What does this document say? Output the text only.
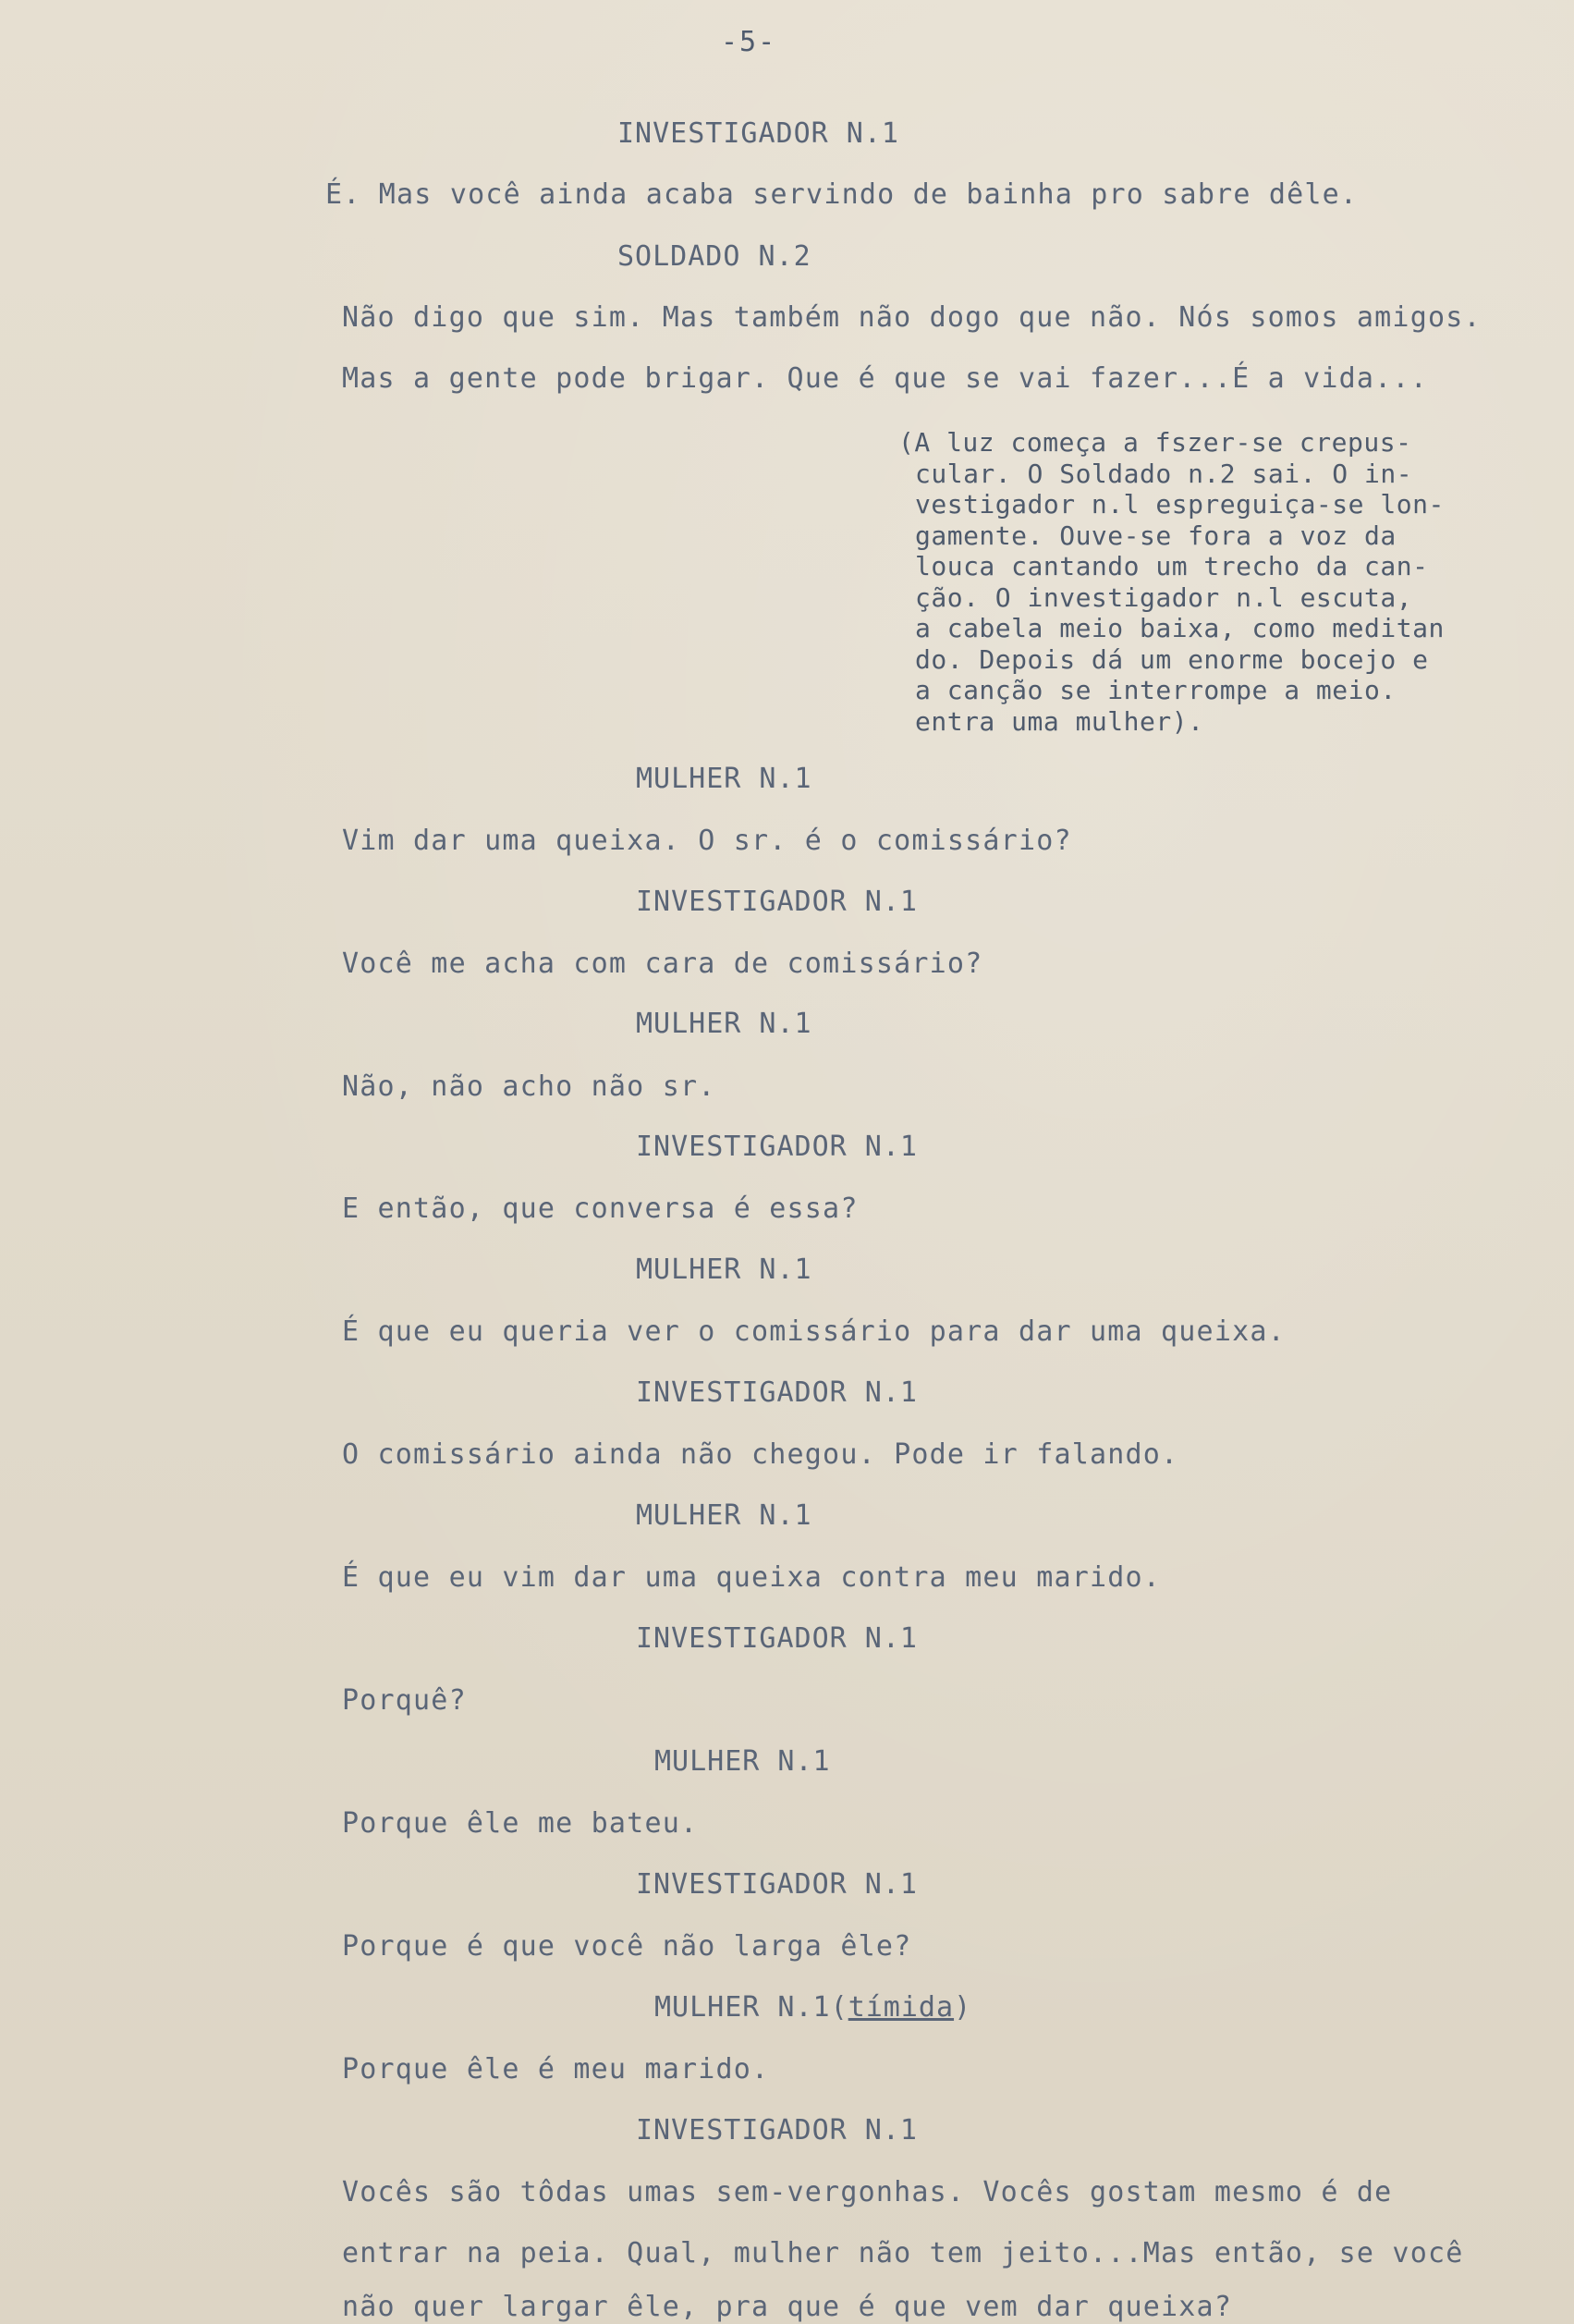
-5-
INVESTIGADOR N.1
É. Mas você ainda acaba servindo de bainha pro sabre dêle.
SOLDADO N.2
Não digo que sim. Mas também não dogo que não. Nós somos amigos.
Mas a gente pode brigar. Que é que se vai fazer...É a vida...
(A luz começa a fszer-se crepus-
cular. O Soldado n.2 sai. O in-
vestigador n.l espreguiça-se lon-
gamente. Ouve-se fora a voz da
louca cantando um trecho da can-
ção. O investigador n.l escuta,
a cabela meio baixa, como meditan
do. Depois dá um enorme bocejo e
a canção se interrompe a meio.
entra uma mulher).
MULHER N.1
Vim dar uma queixa. O sr. é o comissário?
INVESTIGADOR N.1
Você me acha com cara de comissário?
MULHER N.1
Não, não acho não sr.
INVESTIGADOR N.1
E então, que conversa é essa?
MULHER N.1
É que eu queria ver o comissário para dar uma queixa.
INVESTIGADOR N.1
O comissário ainda não chegou. Pode ir falando.
MULHER N.1
É que eu vim dar uma queixa contra meu marido.
INVESTIGADOR N.1
Porquê?
MULHER N.1
Porque êle me bateu.
INVESTIGADOR N.1
Porque é que você não larga êle?
MULHER N.1(tímida)
Porque êle é meu marido.
INVESTIGADOR N.1
Vocês são tôdas umas sem-vergonhas. Vocês gostam mesmo é de
entrar na peia. Qual, mulher não tem jeito...Mas então, se você
não quer largar êle, pra que é que vem dar queixa?
